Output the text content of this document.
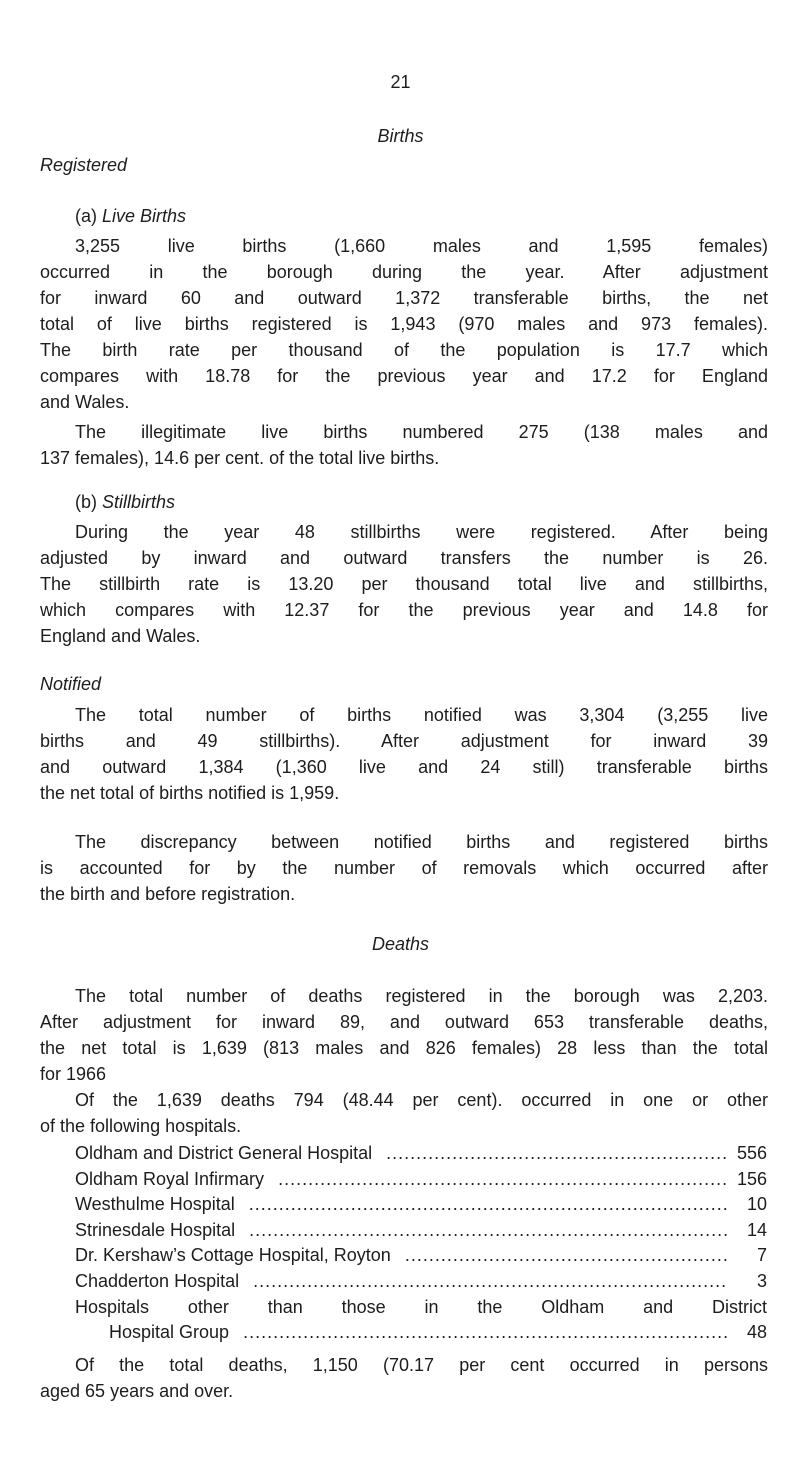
21
Births
Registered
(a) Live Births
3,255 live births (1,660 males and 1,595 females)
occurred in the borough during the year. After adjustment
for inward 60 and outward 1,372 transferable births, the net
total of live births registered is 1,943 (970 males and 973 females).
The birth rate per thousand of the population is 17.7 which
compares with 18.78 for the previous year and 17.2 for England
and Wales.
The illegitimate live births numbered 275 (138 males and
137 females), 14.6 per cent. of the total live births.
(b) Stillbirths
During the year 48 stillbirths were registered. After being
adjusted by inward and outward transfers the number is 26.
The stillbirth rate is 13.20 per thousand total live and stillbirths,
which compares with 12.37 for the previous year and 14.8 for
England and Wales.
Notified
The total number of births notified was 3,304 (3,255 live
births and 49 stillbirths). After adjustment for inward 39
and outward 1,384 (1,360 live and 24 still) transferable births
the net total of births notified is 1,959.
The discrepancy between notified births and registered births
is accounted for by the number of removals which occurred after
the birth and before registration.
Deaths
The total number of deaths registered in the borough was 2,203.
After adjustment for inward 89, and outward 653 transferable deaths,
the net total is 1,639 (813 males and 826 females) 28 less than the total
for 1966
Of the 1,639 deaths 794 (48.44 per cent). occurred in one or other
of the following hospitals.
Oldham and District General Hospital .....	556
Oldham Royal Infirmary .....	156
Westhulme Hospital .....	10
Strinesdale Hospital .....	14
Dr. Kershaw’s Cottage Hospital, Royton .....	7
Chadderton Hospital .....	3
Hospitals other than those in the Oldham and District
Hospital Group .....	48
Of the total deaths, 1,150 (70.17 per cent occurred in persons
aged 65 years and over.
